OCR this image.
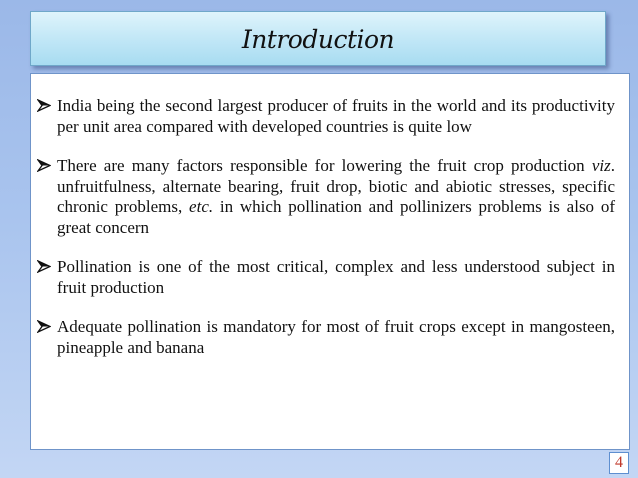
Introduction
India being the second largest producer of fruits in the world and its productivity per unit area compared with developed countries is quite low
There are many factors responsible for lowering the fruit crop production viz. unfruitfulness, alternate bearing, fruit drop, biotic and abiotic stresses, specific chronic problems, etc. in which pollination and pollinizers problems is also of great concern
Pollination is one of the most critical, complex and less understood subject in fruit production
Adequate pollination is mandatory for most of fruit crops except in mangosteen, pineapple and banana
4
